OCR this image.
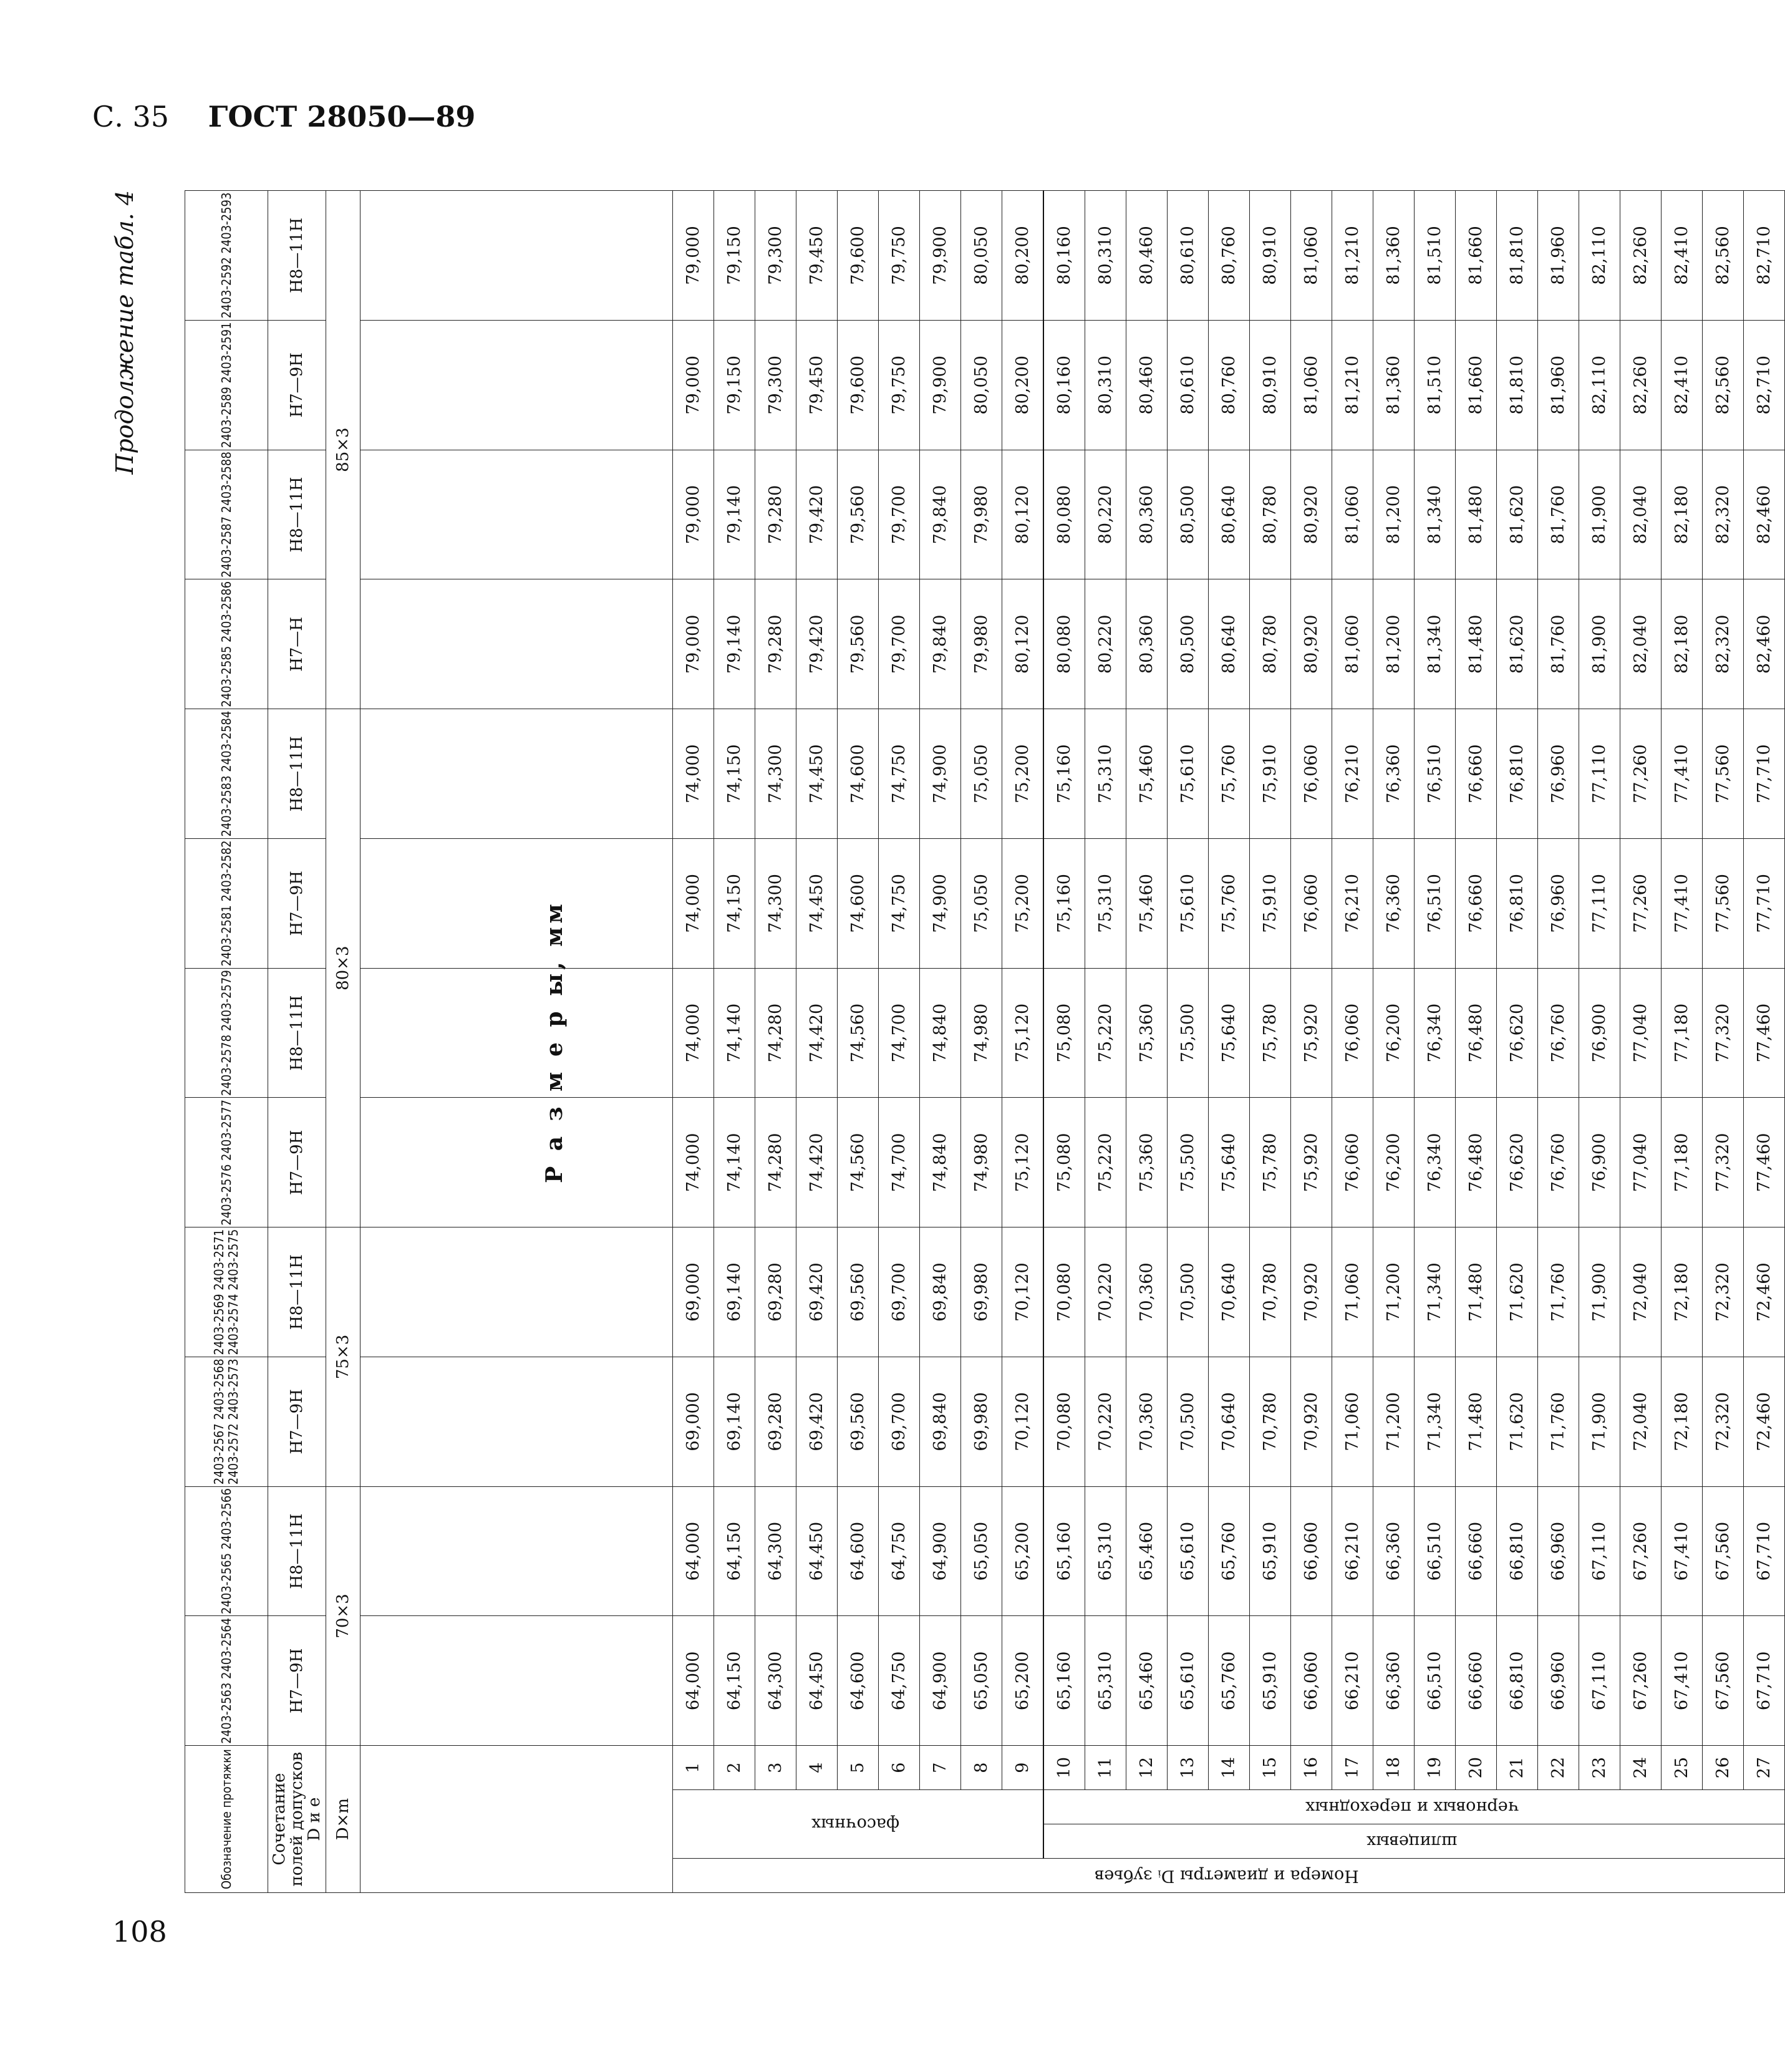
С. 35 ГОСТ 28050—89
Продолжение табл. 4
Р а з м е р ы, мм
Обозначение протяжки				2403-2563 2403-2564	2403-2565 2403-2566	2403-2567 2403-2568 2403-2572 2403-2573	2403-2569 2403-2571 2403-2574 2403-2575	2403-2576 2403-2577	2403-2578 2403-2579	2403-2581 2403-2582	2403-2583 2403-2584	2403-2585 2403-2586	2403-2587 2403-2588	2403-2589 2403-2591	2403-2592 2403-2593
Сочетание полей допусков D и e				H7—9H	H8—11H	H7—9H	H8—11H	H7—9H	H8—11H	H7—9H	H8—11H	H7—H	H8—11H	H7—9H	H8—11H
D×m				70×3		75×3		80×3				85×3			

Номера и диаметры Dᵢ зубьев	фасочных		1	64,000	64,000	69,000	69,000	74,000	74,000	74,000	74,000	79,000	79,000	79,000	79,000
			2	64,150	64,150	69,140	69,140	74,140	74,140	74,150	74,150	79,140	79,140	79,150	79,150
			3	64,300	64,300	69,280	69,280	74,280	74,280	74,300	74,300	79,280	79,280	79,300	79,300
			4	64,450	64,450	69,420	69,420	74,420	74,420	74,450	74,450	79,420	79,420	79,450	79,450
			5	64,600	64,600	69,560	69,560	74,560	74,560	74,600	74,600	79,560	79,560	79,600	79,600
			6	64,750	64,750	69,700	69,700	74,700	74,700	74,750	74,750	79,700	79,700	79,750	79,750
			7	64,900	64,900	69,840	69,840	74,840	74,840	74,900	74,900	79,840	79,840	79,900	79,900
			8	65,050	65,050	69,980	69,980	74,980	74,980	75,050	75,050	79,980	79,980	80,050	80,050
			9	65,200	65,200	70,120	70,120	75,120	75,120	75,200	75,200	80,120	80,120	80,200	80,200
	шлицевых	черновых и переходных	10	65,160	65,160	70,080	70,080	75,080	75,080	75,160	75,160	80,080	80,080	80,160	80,160
			11	65,310	65,310	70,220	70,220	75,220	75,220	75,310	75,310	80,220	80,220	80,310	80,310
			12	65,460	65,460	70,360	70,360	75,360	75,360	75,460	75,460	80,360	80,360	80,460	80,460
			13	65,610	65,610	70,500	70,500	75,500	75,500	75,610	75,610	80,500	80,500	80,610	80,610
			14	65,760	65,760	70,640	70,640	75,640	75,640	75,760	75,760	80,640	80,640	80,760	80,760
			15	65,910	65,910	70,780	70,780	75,780	75,780	75,910	75,910	80,780	80,780	80,910	80,910
			16	66,060	66,060	70,920	70,920	75,920	75,920	76,060	76,060	80,920	80,920	81,060	81,060
			17	66,210	66,210	71,060	71,060	76,060	76,060	76,210	76,210	81,060	81,060	81,210	81,210
			18	66,360	66,360	71,200	71,200	76,200	76,200	76,360	76,360	81,200	81,200	81,360	81,360
			19	66,510	66,510	71,340	71,340	76,340	76,340	76,510	76,510	81,340	81,340	81,510	81,510
			20	66,660	66,660	71,480	71,480	76,480	76,480	76,660	76,660	81,480	81,480	81,660	81,660
			21	66,810	66,810	71,620	71,620	76,620	76,620	76,810	76,810	81,620	81,620	81,810	81,810
			22	66,960	66,960	71,760	71,760	76,760	76,760	76,960	76,960	81,760	81,760	81,960	81,960
			23	67,110	67,110	71,900	71,900	76,900	76,900	77,110	77,110	81,900	81,900	82,110	82,110
			24	67,260	67,260	72,040	72,040	77,040	77,040	77,260	77,260	82,040	82,040	82,260	82,260
			25	67,410	67,410	72,180	72,180	77,180	77,180	77,410	77,410	82,180	82,180	82,410	82,410
			26	67,560	67,560	72,320	72,320	77,320	77,320	77,560	77,560	82,320	82,320	82,560	82,560
			27	67,710	67,710	72,460	72,460	77,460	77,460	77,710	77,710	82,460	82,460	82,710	82,710
108
